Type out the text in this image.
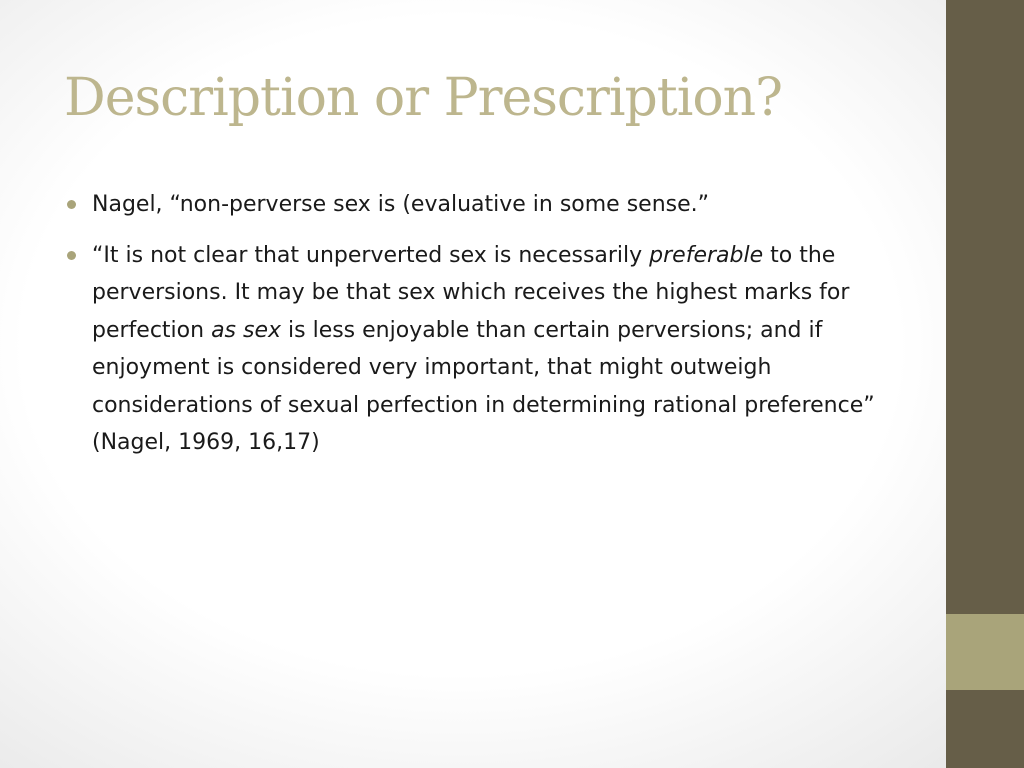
Description or Prescription?
Nagel, “non-perverse sex is (evaluative in some sense.”
“It is not clear that unperverted sex is necessarily preferable to the perversions. It may be that sex which receives the highest marks for perfection as sex is less enjoyable than certain perversions; and if enjoyment is considered very important, that might outweigh considerations of sexual perfection in determining rational preference” (Nagel, 1969, 16,17)
